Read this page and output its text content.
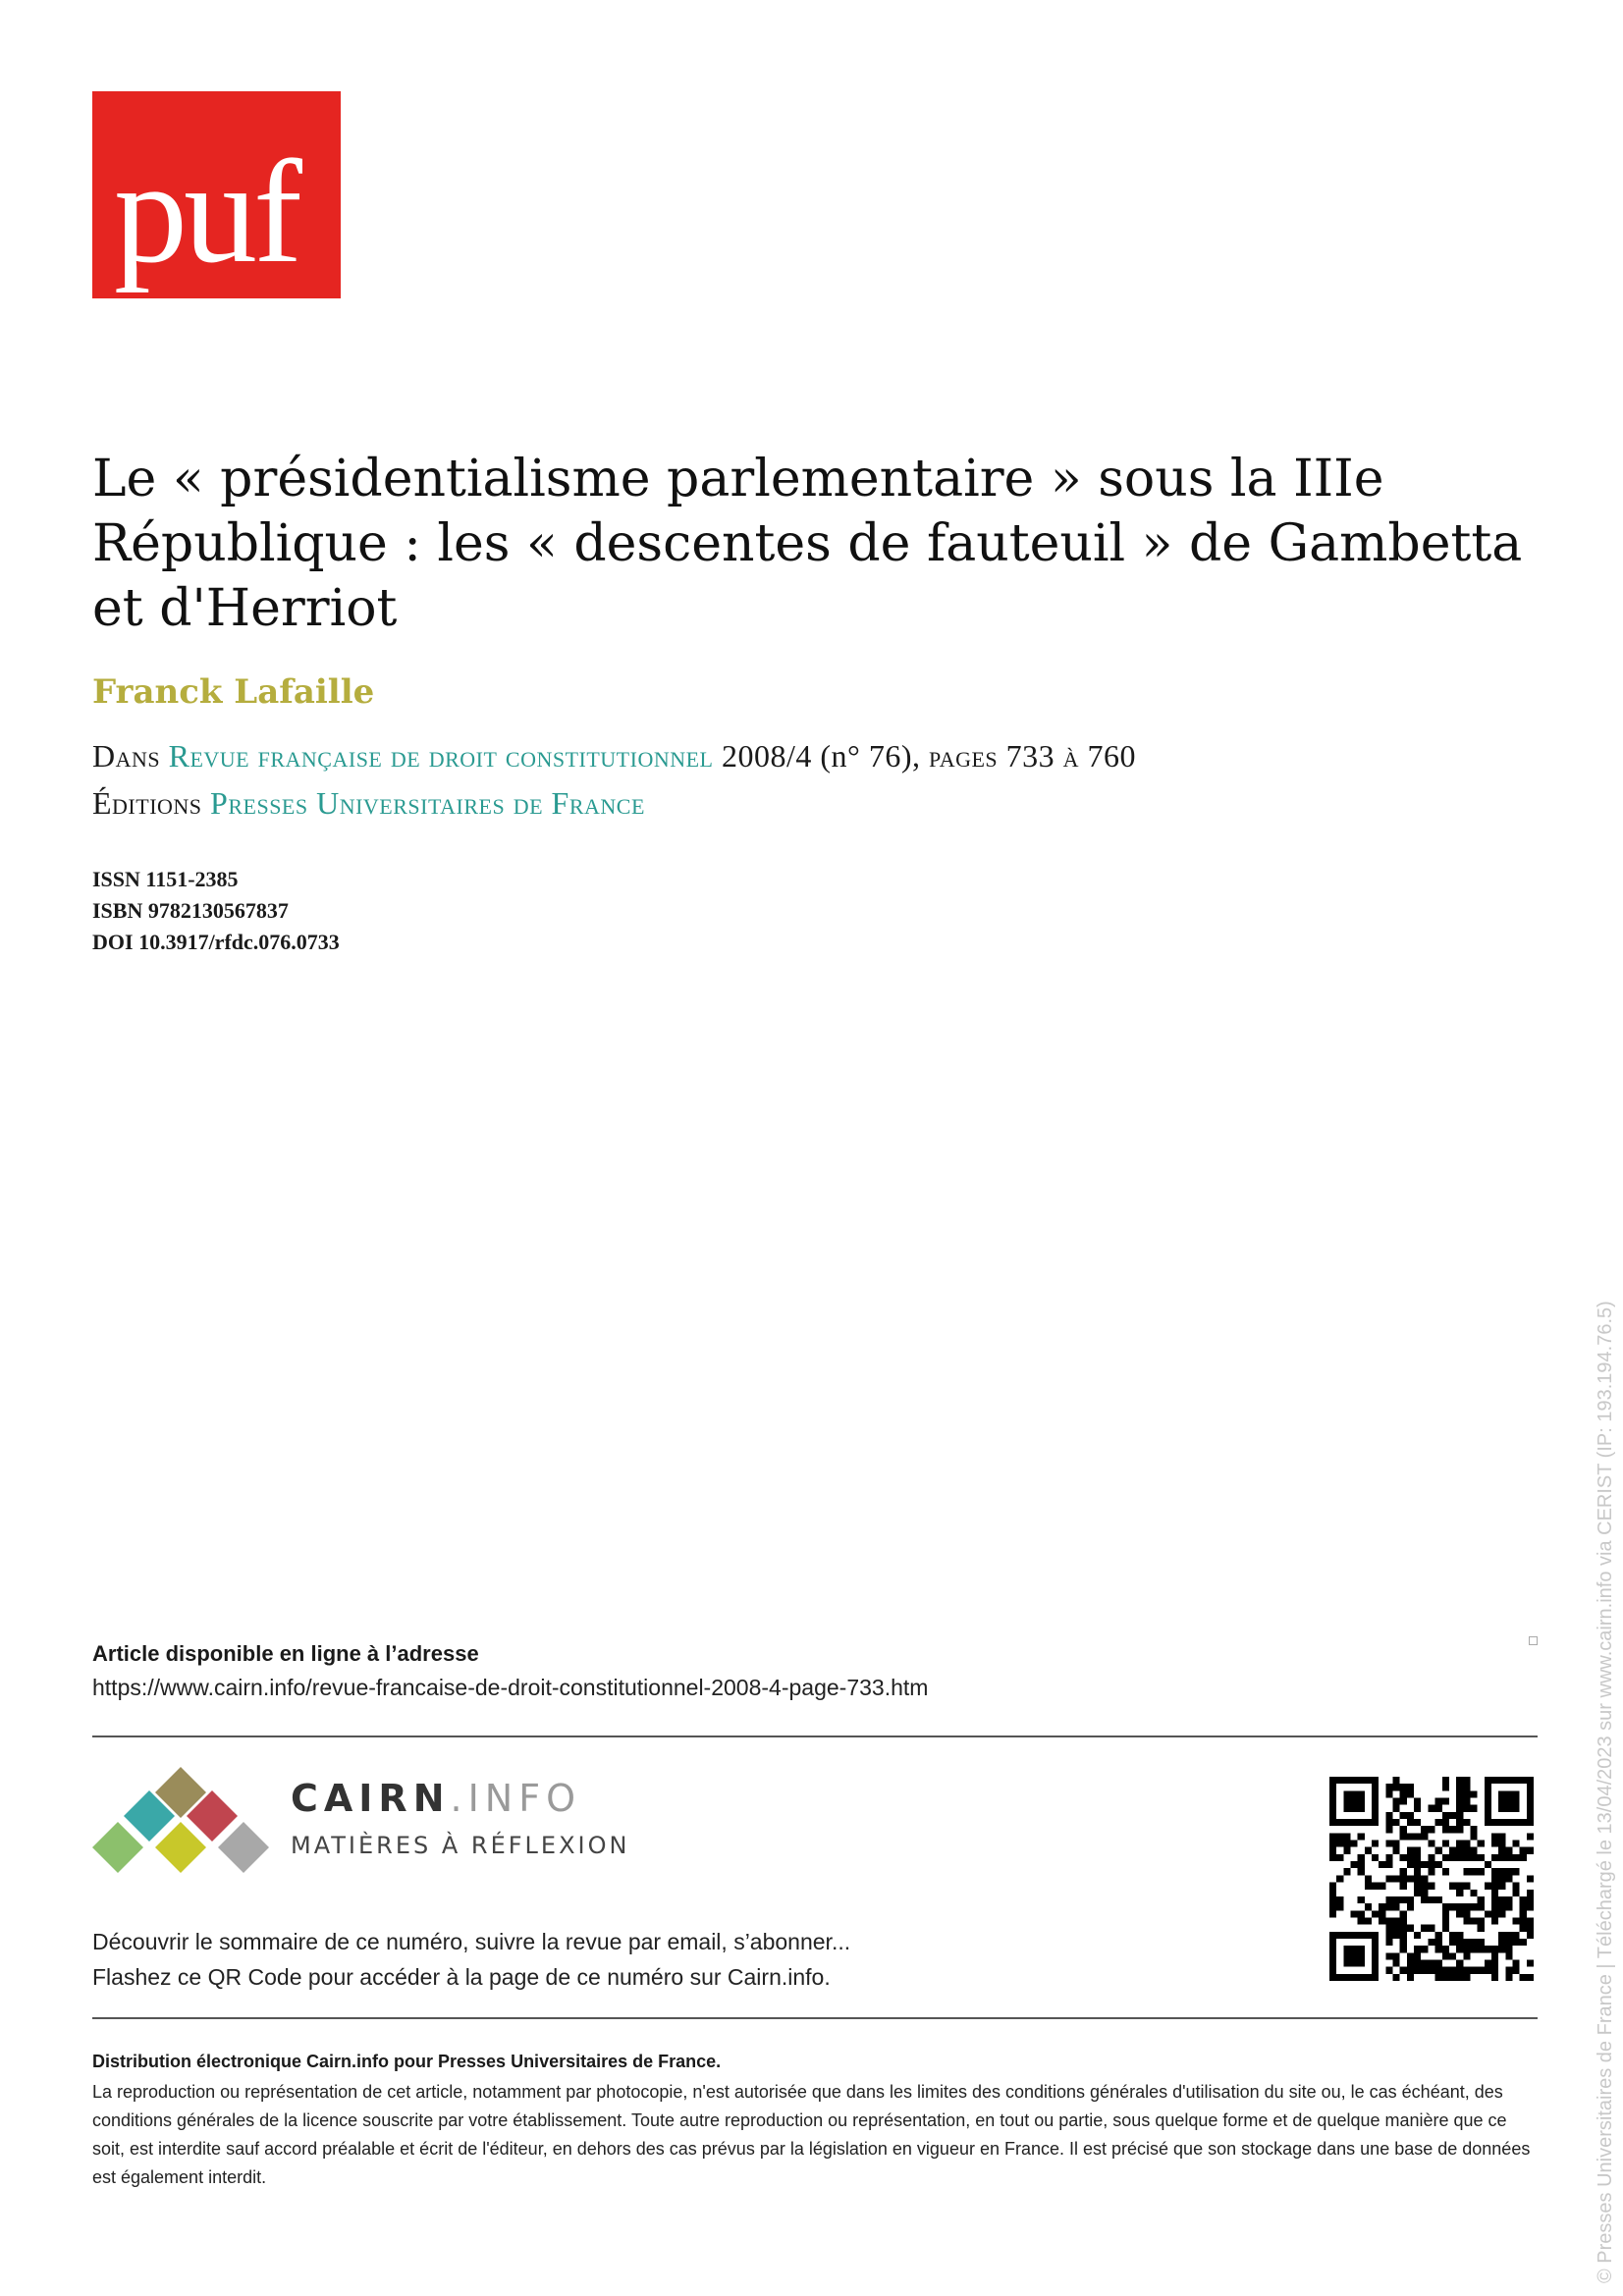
puf
Le « présidentialisme parlementaire » sous la IIIe République : les « descentes de fauteuil » de Gambetta et d'Herriot
Franck Lafaille
Dans Revue française de droit constitutionnel 2008/4 (n° 76), pages 733 à 760
Éditions Presses Universitaires de France
ISSN 1151-2385
ISBN 9782130567837
DOI 10.3917/rfdc.076.0733
Article disponible en ligne à l’adresse
https://www.cairn.info/revue-francaise-de-droit-constitutionnel-2008-4-page-733.htm
CAIRN.INFO
MATIÈRES À RÉFLEXION
Découvrir le sommaire de ce numéro, suivre la revue par email, s’abonner...
Flashez ce QR Code pour accéder à la page de ce numéro sur Cairn.info.
Distribution électronique Cairn.info pour Presses Universitaires de France.
La reproduction ou représentation de cet article, notamment par photocopie, n'est autorisée que dans les limites des conditions générales d'utilisation du site ou, le cas échéant, des conditions générales de la licence souscrite par votre établissement. Toute autre reproduction ou représentation, en tout ou partie, sous quelque forme et de quelque manière que ce soit, est interdite sauf accord préalable et écrit de l'éditeur, en dehors des cas prévus par la législation en vigueur en France. Il est précisé que son stockage dans une base de données est également interdit.	© Presses Universitaires de France | Téléchargé le 13/04/2023 sur www.cairn.info via CERIST (IP: 193.194.76.5)
